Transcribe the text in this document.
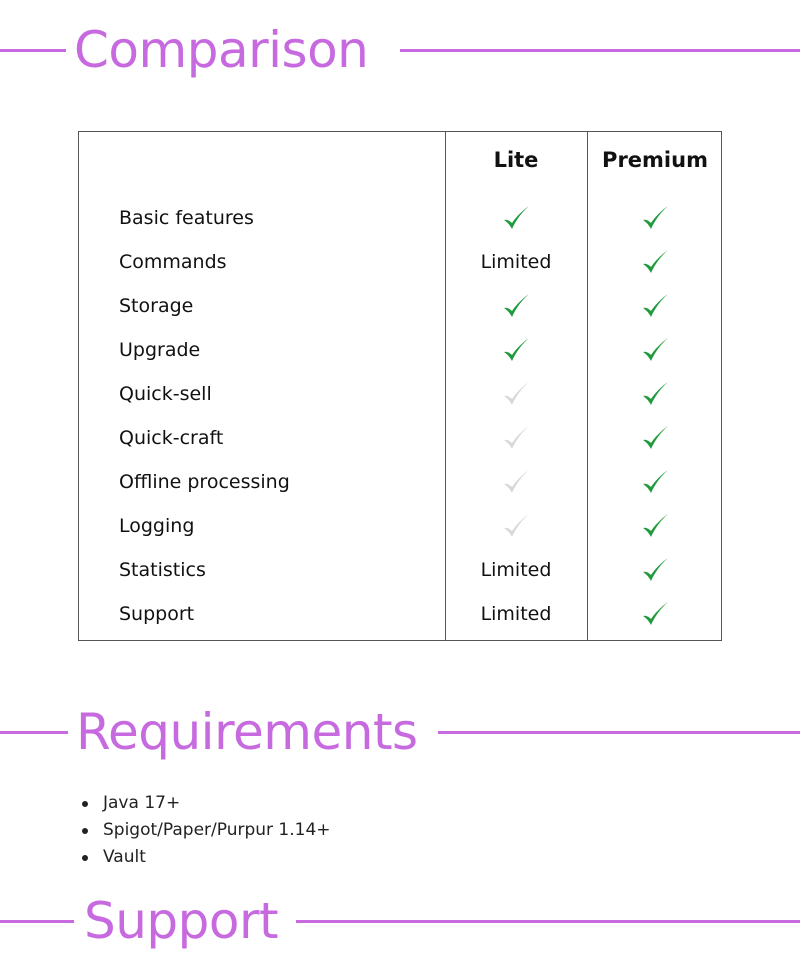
Comparison
Lite	Premium
Basic features
Commands	Limited
Storage
Upgrade
Quick-sell
Quick-craft
Offline processing
Logging
Statistics	Limited
Support	Limited
Requirements
Java 17+
Spigot/Paper/Purpur 1.14+
Vault
Support
